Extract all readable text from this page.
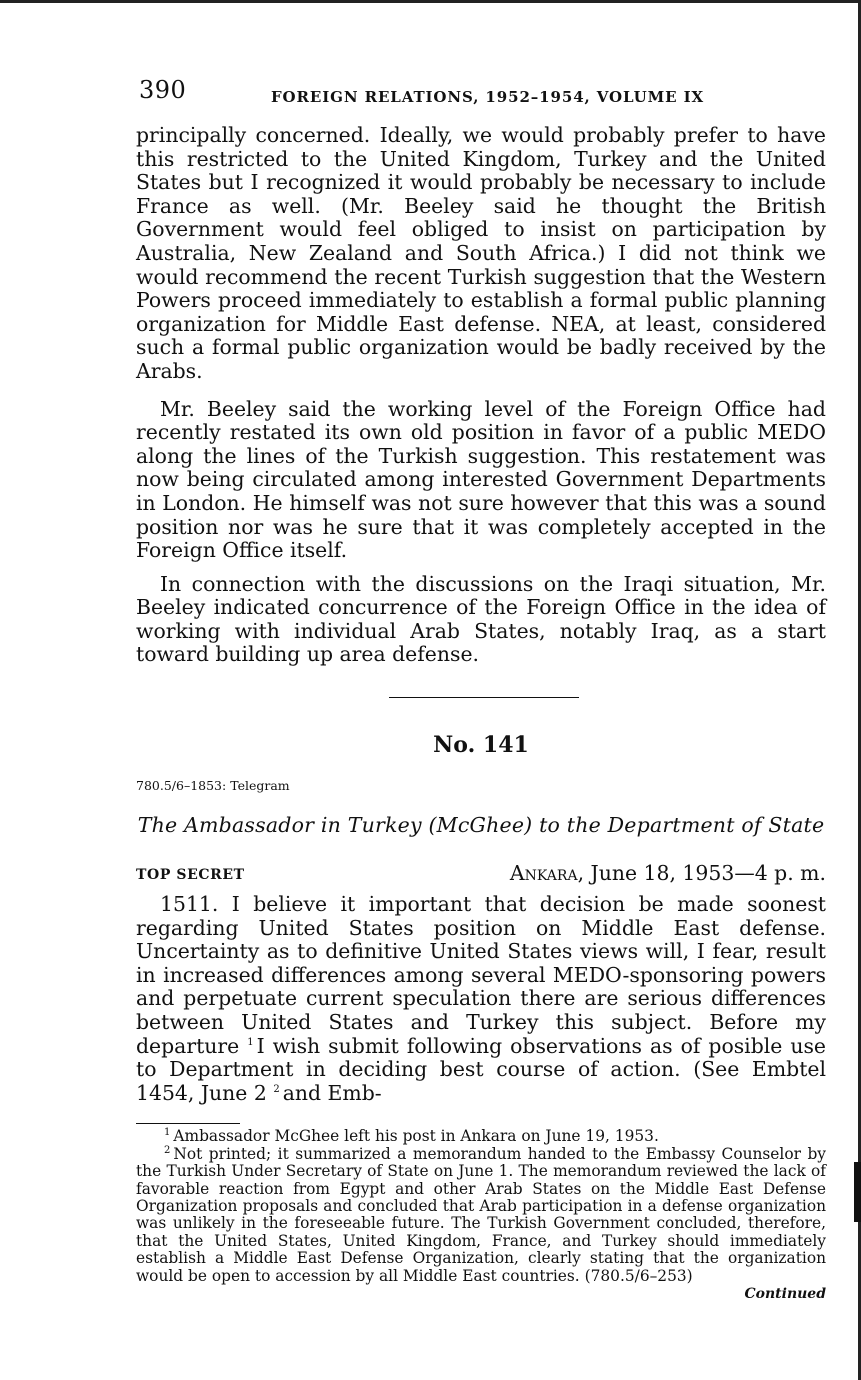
390	FOREIGN RELATIONS, 1952–1954, VOLUME IX

principally concerned. Ideally, we would probably prefer to have this restricted to the United Kingdom, Turkey and the United States but I recognized it would probably be necessary to include France as well. (Mr. Beeley said he thought the British Government would feel obliged to insist on participation by Australia, New Zealand and South Africa.) I did not think we would recommend the recent Turkish suggestion that the Western Powers proceed immediately to establish a formal public planning organization for Middle East defense. NEA, at least, considered such a formal public organization would be badly received by the Arabs.

Mr. Beeley said the working level of the Foreign Office had recently restated its own old position in favor of a public MEDO along the lines of the Turkish suggestion. This restatement was now being circulated among interested Government Departments in London. He himself was not sure however that this was a sound position nor was he sure that it was completely accepted in the Foreign Office itself.

In connection with the discussions on the Iraqi situation, Mr. Beeley indicated concurrence of the Foreign Office in the idea of working with individual Arab States, notably Iraq, as a start toward building up area defense.

No. 141
780.5/6–1853: Telegram
The Ambassador in Turkey (McGhee) to the Department of State
TOP SECRET	Ankara, June 18, 1953—4 p. m.

1511. I believe it important that decision be made soonest regarding United States position on Middle East defense. Uncertainty as to definitive United States views will, I fear, result in increased differences among several MEDO-sponsoring powers and perpetuate current speculation there are serious differences between United States and Turkey this subject. Before my departure $^1$ I wish submit following observations as of posible use to Department in deciding best course of action. (See Embtel 1454, June 2 $^2$ and Emb-

$^1$ Ambassador McGhee left his post in Ankara on June 19, 1953.

$^2$ Not printed; it summarized a memorandum handed to the Embassy Counselor by the Turkish Under Secretary of State on June 1. The memorandum reviewed the lack of favorable reaction from Egypt and other Arab States on the Middle East Defense Organization proposals and concluded that Arab participation in a defense organization was unlikely in the foreseeable future. The Turkish Government concluded, therefore, that the United States, United Kingdom, France, and Turkey should immediately establish a Middle East Defense Organization, clearly stating that the organization would be open to accession by all Middle East countries. (780.5/6–253)

Continued
